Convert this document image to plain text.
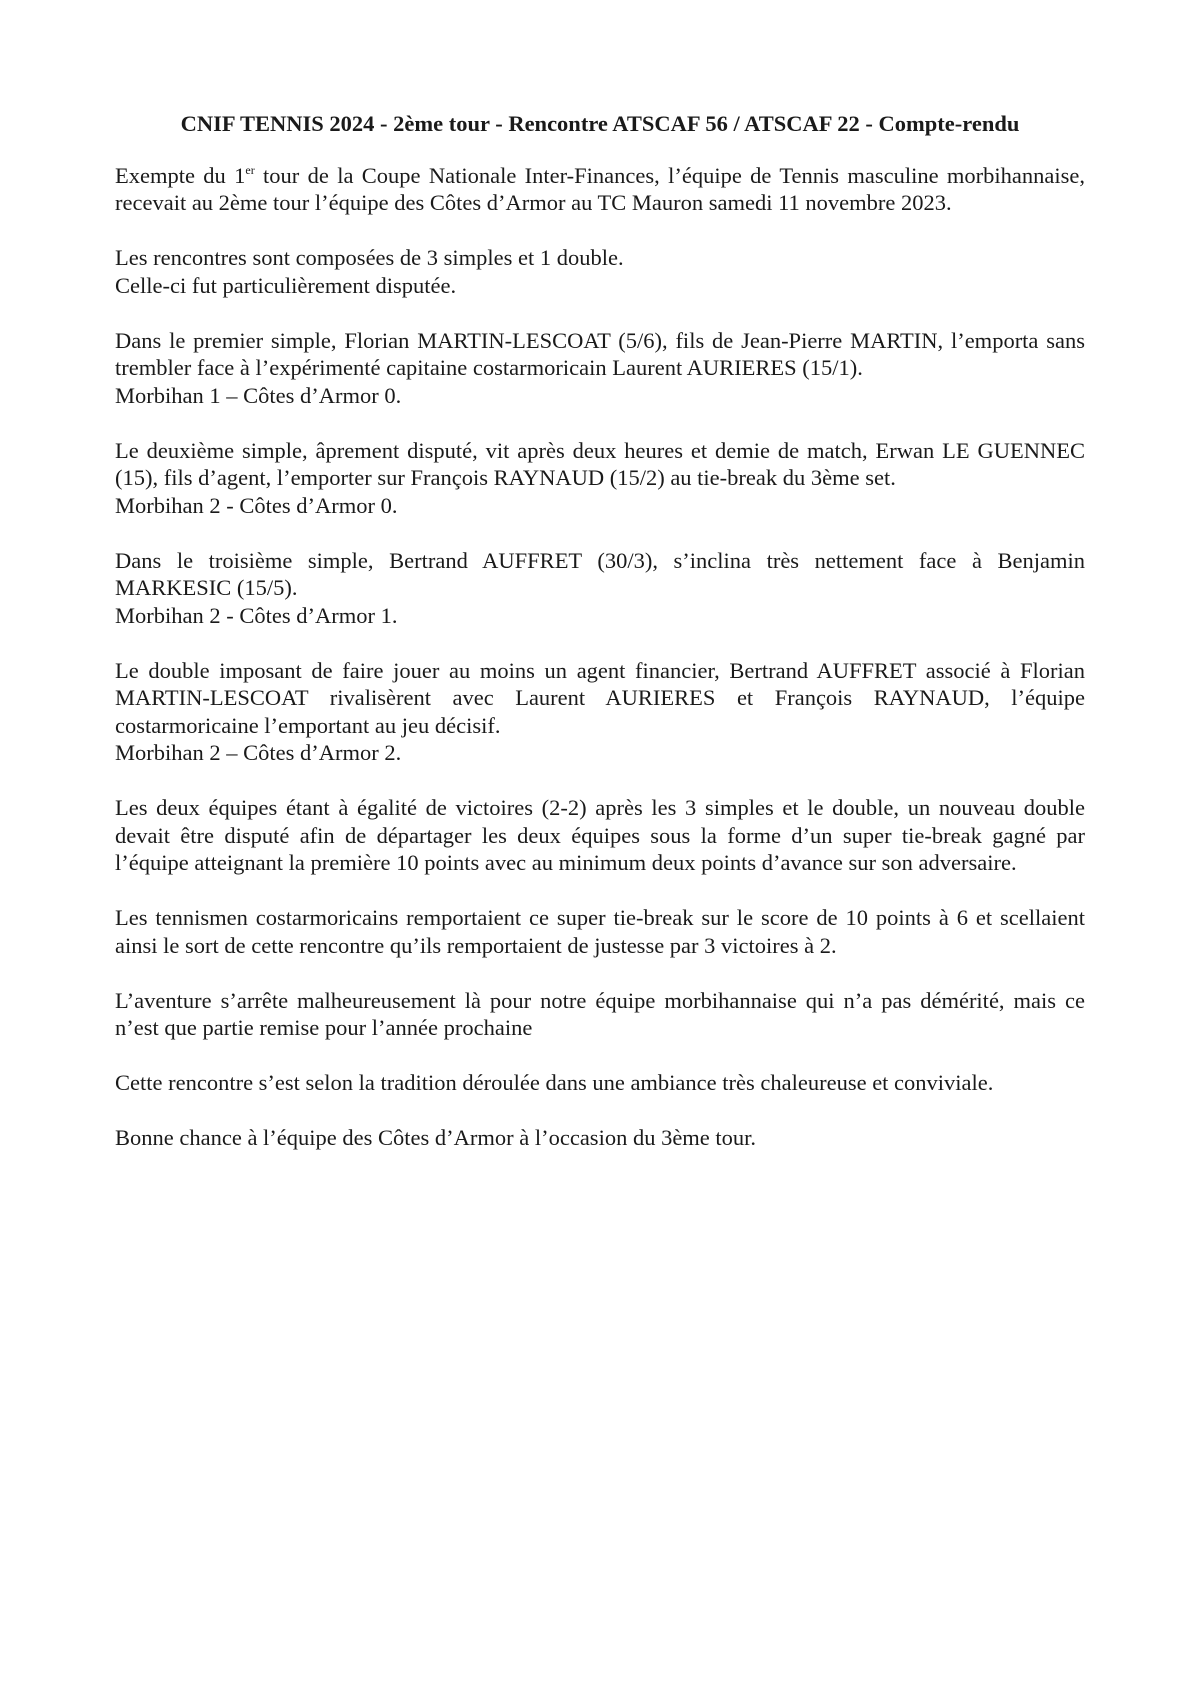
CNIF TENNIS 2024 - 2ème tour - Rencontre ATSCAF 56 / ATSCAF 22 - Compte-rendu
Exempte du 1er tour de la Coupe Nationale Inter-Finances, l’équipe de Tennis masculine morbihannaise, recevait au 2ème tour l’équipe des Côtes d’Armor au TC Mauron samedi 11 novembre 2023.
Les rencontres sont composées de 3 simples et 1 double.
Celle-ci fut particulièrement disputée.
Dans le premier simple, Florian MARTIN-LESCOAT (5/6), fils de Jean-Pierre MARTIN, l’emporta sans trembler face à l’expérimenté capitaine costarmoricain Laurent AURIERES (15/1).
Morbihan 1 – Côtes d’Armor 0.
Le deuxième simple, âprement disputé, vit après deux heures et demie de match, Erwan LE GUENNEC (15), fils d’agent, l’emporter sur François RAYNAUD (15/2) au tie-break du 3ème set.
Morbihan 2 - Côtes d’Armor 0.
Dans le troisième simple, Bertrand AUFFRET (30/3), s’inclina très nettement face à Benjamin MARKESIC (15/5).
Morbihan 2 - Côtes d’Armor 1.
Le double imposant de faire jouer au moins un agent financier, Bertrand AUFFRET associé à Florian MARTIN-LESCOAT rivalisèrent avec Laurent AURIERES et François RAYNAUD, l’équipe costarmoricaine l’emportant au jeu décisif.
Morbihan 2 – Côtes d’Armor 2.
Les deux équipes étant à égalité de victoires (2-2) après les 3 simples et le double, un nouveau double devait être disputé afin de départager les deux équipes sous la forme d’un super tie-break gagné par l’équipe atteignant la première 10 points avec au minimum deux points d’avance sur son adversaire.
Les tennismen costarmoricains remportaient ce super tie-break sur le score de 10 points à 6 et scellaient ainsi le sort de cette rencontre qu’ils remportaient de justesse par 3 victoires à 2.
L’aventure s’arrête malheureusement là pour notre équipe morbihannaise qui n’a pas démérité, mais ce n’est que partie remise pour l’année prochaine
Cette rencontre s’est selon la tradition déroulée dans une ambiance très chaleureuse et conviviale.
Bonne chance à l’équipe des Côtes d’Armor à l’occasion du 3ème tour.
